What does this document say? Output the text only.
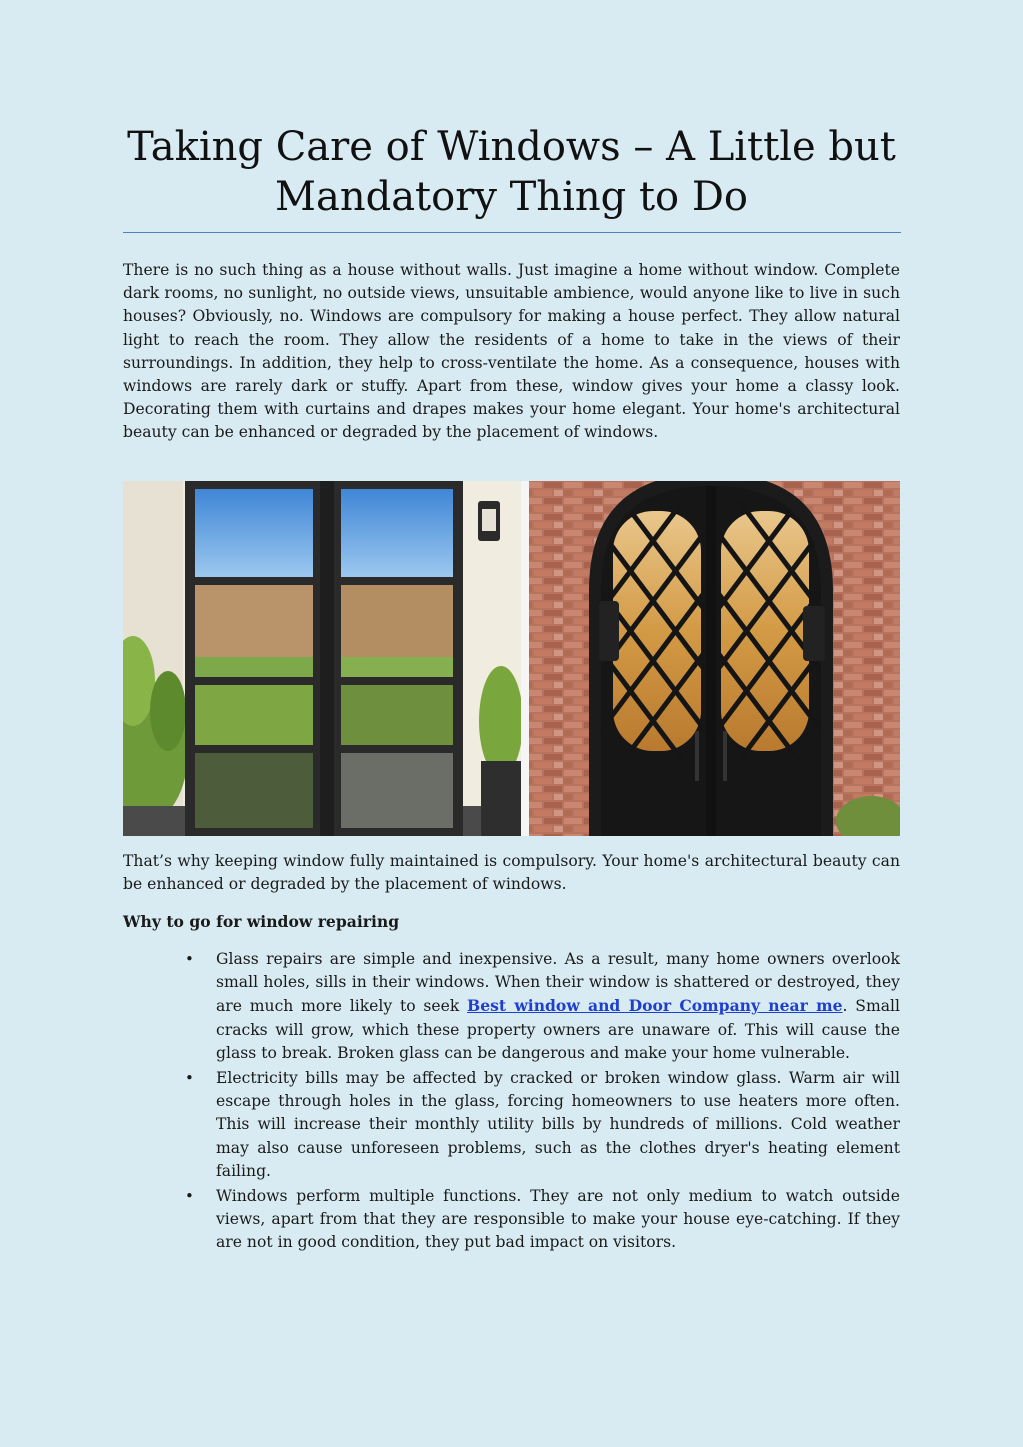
Taking Care of Windows – A Little but
Mandatory Thing to Do

There is no such thing as a house without walls. Just imagine a home without window. Complete dark rooms, no sunlight, no outside views, unsuitable ambience, would anyone like to live in such houses? Obviously, no. Windows are compulsory for making a house perfect. They allow natural light to reach the room. They allow the residents of a home to take in the views of their surroundings. In addition, they help to cross-ventilate the home. As a consequence, houses with windows are rarely dark or stuffy. Apart from these, window gives your home a classy look. Decorating them with curtains and drapes makes your home elegant. Your home's architectural beauty can be enhanced or degraded by the placement of windows.

That’s why keeping window fully maintained is compulsory. Your home's architectural beauty can be enhanced or degraded by the placement of windows.

Why to go for window repairing
• Glass repairs are simple and inexpensive. As a result, many home owners overlook small holes, sills in their windows. When their window is shattered or destroyed, they are much more likely to seek Best window and Door Company near me. Small cracks will grow, which these property owners are unaware of. This will cause the glass to break. Broken glass can be dangerous and make your home vulnerable.
• Electricity bills may be affected by cracked or broken window glass. Warm air will escape through holes in the glass, forcing homeowners to use heaters more often. This will increase their monthly utility bills by hundreds of millions. Cold weather may also cause unforeseen problems, such as the clothes dryer's heating element failing.
• Windows perform multiple functions. They are not only medium to watch outside views, apart from that they are responsible to make your house eye-catching. If they are not in good condition, they put bad impact on visitors.
